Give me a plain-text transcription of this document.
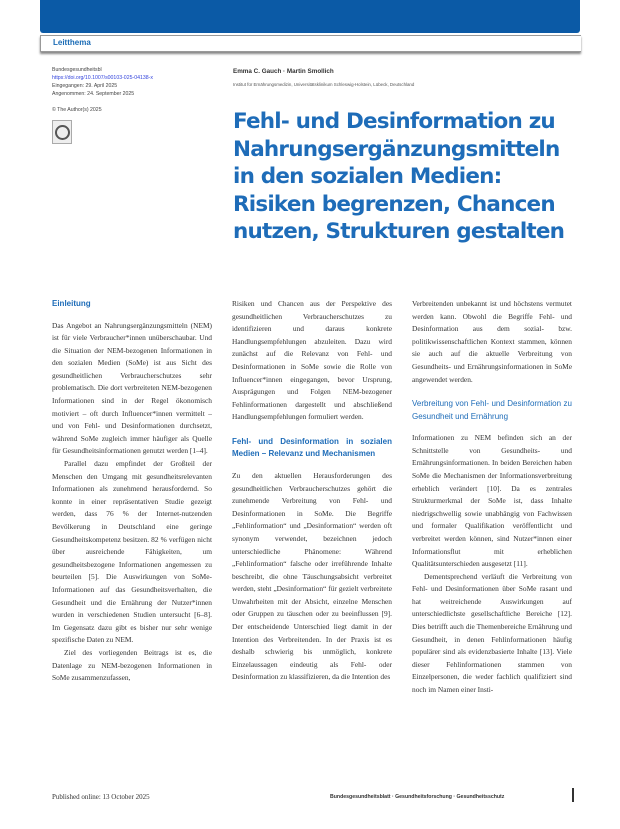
Leitthema
Bundesgesundheitsbl
https://doi.org/10.1007/s00103-025-04138-x
Eingegangen: 29. April 2025
Angenommen: 24. September 2025
© The Author(s) 2025
Emma C. Gauch · Martin Smollich
Institut für Ernährungsmedizin, Universitätsklinikum Schleswig-Holstein, Lübeck, Deutschland
Fehl- und Desinformation zu Nahrungsergänzungsmitteln in den sozialen Medien: Risiken begrenzen, Chancen nutzen, Strukturen gestalten
Einleitung

Das Angebot an Nahrungsergänzungsmitteln (NEM) ist für viele Verbraucher*innen unüberschaubar. Und die Situation der NEM-bezogenen Informationen in den sozialen Medien (SoMe) ist aus Sicht des gesundheitlichen Verbraucherschutzes sehr problematisch. Die dort verbreiteten NEM-bezogenen Informationen sind in der Regel ökonomisch motiviert – oft durch Influencer*innen vermittelt – und von Fehl- und Desinformationen durchsetzt, während SoMe zugleich immer häufiger als Quelle für Gesundheitsinformationen genutzt werden [1–4].

Parallel dazu empfindet der Großteil der Menschen den Umgang mit gesundheitsrelevanten Informationen als zunehmend herausfordernd. So konnte in einer repräsentativen Studie gezeigt werden, dass 76 % der Internet-nutzenden Bevölkerung in Deutschland eine geringe Gesundheitskompetenz besitzen. 82 % verfügen nicht über ausreichende Fähigkeiten, um gesundheitsbezogene Informationen angemessen zu beurteilen [5]. Die Auswirkungen von SoMe-Informationen auf das Gesundheitsverhalten, die Gesundheit und die Ernährung der Nutzer*innen wurden in verschiedenen Studien untersucht [6–8]. Im Gegensatz dazu gibt es bisher nur sehr wenige spezifische Daten zu NEM.

Ziel des vorliegenden Beitrags ist es, die Datenlage zu NEM-bezogenen Informationen in SoMe zusammenzufassen,

Risiken und Chancen aus der Perspektive des gesundheitlichen Verbraucherschutzes zu identifizieren und daraus konkrete Handlungsempfehlungen abzuleiten. Dazu wird zunächst auf die Relevanz von Fehl- und Desinformationen in SoMe sowie die Rolle von Influencer*innen eingegangen, bevor Ursprung, Ausprägungen und Folgen NEM-bezogener Fehlinformationen dargestellt und abschließend Handlungsempfehlungen formuliert werden.

Fehl- und Desinformation in sozialen Medien – Relevanz und Mechanismen

Zu den aktuellen Herausforderungen des gesundheitlichen Verbraucherschutzes gehört die zunehmende Verbreitung von Fehl- und Desinformationen in SoMe. Die Begriffe „Fehlinformation“ und „Desinformation“ werden oft synonym verwendet, bezeichnen jedoch unterschiedliche Phänomene: Während „Fehlinformation“ falsche oder irreführende Inhalte beschreibt, die ohne Täuschungsabsicht verbreitet werden, steht „Desinformation“ für gezielt verbreitete Unwahrheiten mit der Absicht, einzelne Menschen oder Gruppen zu täuschen oder zu beeinflussen [9]. Der entscheidende Unterschied liegt damit in der Intention des Verbreitenden. In der Praxis ist es deshalb schwierig bis unmöglich, konkrete Einzelaussagen eindeutig als Fehl- oder Desinformation zu klassifizieren, da die Intention des

Verbreitenden unbekannt ist und höchstens vermutet werden kann. Obwohl die Begriffe Fehl- und Desinformation aus dem sozial- bzw. politikwissenschaftlichen Kontext stammen, können sie auch auf die aktuelle Verbreitung von Gesundheits- und Ernährungsinformationen in SoMe angewendet werden.

Verbreitung von Fehl- und Desinformation zu Gesundheit und Ernährung

Informationen zu NEM befinden sich an der Schnittstelle von Gesundheits- und Ernährungsinformationen. In beiden Bereichen haben SoMe die Mechanismen der Informationsverbreitung erheblich verändert [10]. Da es zentrales Strukturmerkmal der SoMe ist, dass Inhalte niedrigschwellig sowie unabhängig von Fachwissen und formaler Qualifikation veröffentlicht und verbreitet werden können, sind Nutzer*innen einer Informationsflut mit erheblichen Qualitätsunterschieden ausgesetzt [11].

Dementsprechend verläuft die Verbreitung von Fehl- und Desinformationen über SoMe rasant und hat weitreichende Auswirkungen auf unterschiedlichste gesellschaftliche Bereiche [12]. Dies betrifft auch die Themenbereiche Ernährung und Gesundheit, in denen Fehlinformationen häufig populärer sind als evidenzbasierte Inhalte [13]. Viele dieser Fehlinformationen stammen von Einzelpersonen, die weder fachlich qualifiziert sind noch im Namen einer Insti-

Published online: 13 October 2025	Bundesgesundheitsblatt · Gesundheitsforschung · Gesundheitsschutz
